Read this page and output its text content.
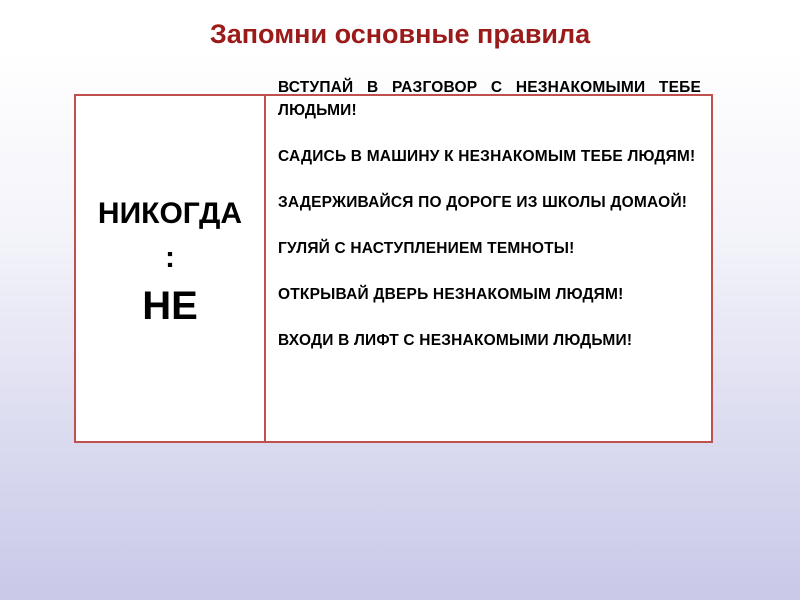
Запомни основные правила
НИКОГДА
:
НЕ
ВСТУПАЙ В РАЗГОВОР С НЕЗНАКОМЫМИ ТЕБЕ ЛЮДЬМИ!
САДИСЬ В МАШИНУ К НЕЗНАКОМЫМ ТЕБЕ ЛЮДЯМ!
ЗАДЕРЖИВАЙСЯ ПО ДОРОГЕ ИЗ ШКОЛЫ ДОМАОЙ!
ГУЛЯЙ С НАСТУПЛЕНИЕМ ТЕМНОТЫ!
ОТКРЫВАЙ ДВЕРЬ НЕЗНАКОМЫМ ЛЮДЯМ!
ВХОДИ В ЛИФТ С НЕЗНАКОМЫМИ ЛЮДЬМИ!
